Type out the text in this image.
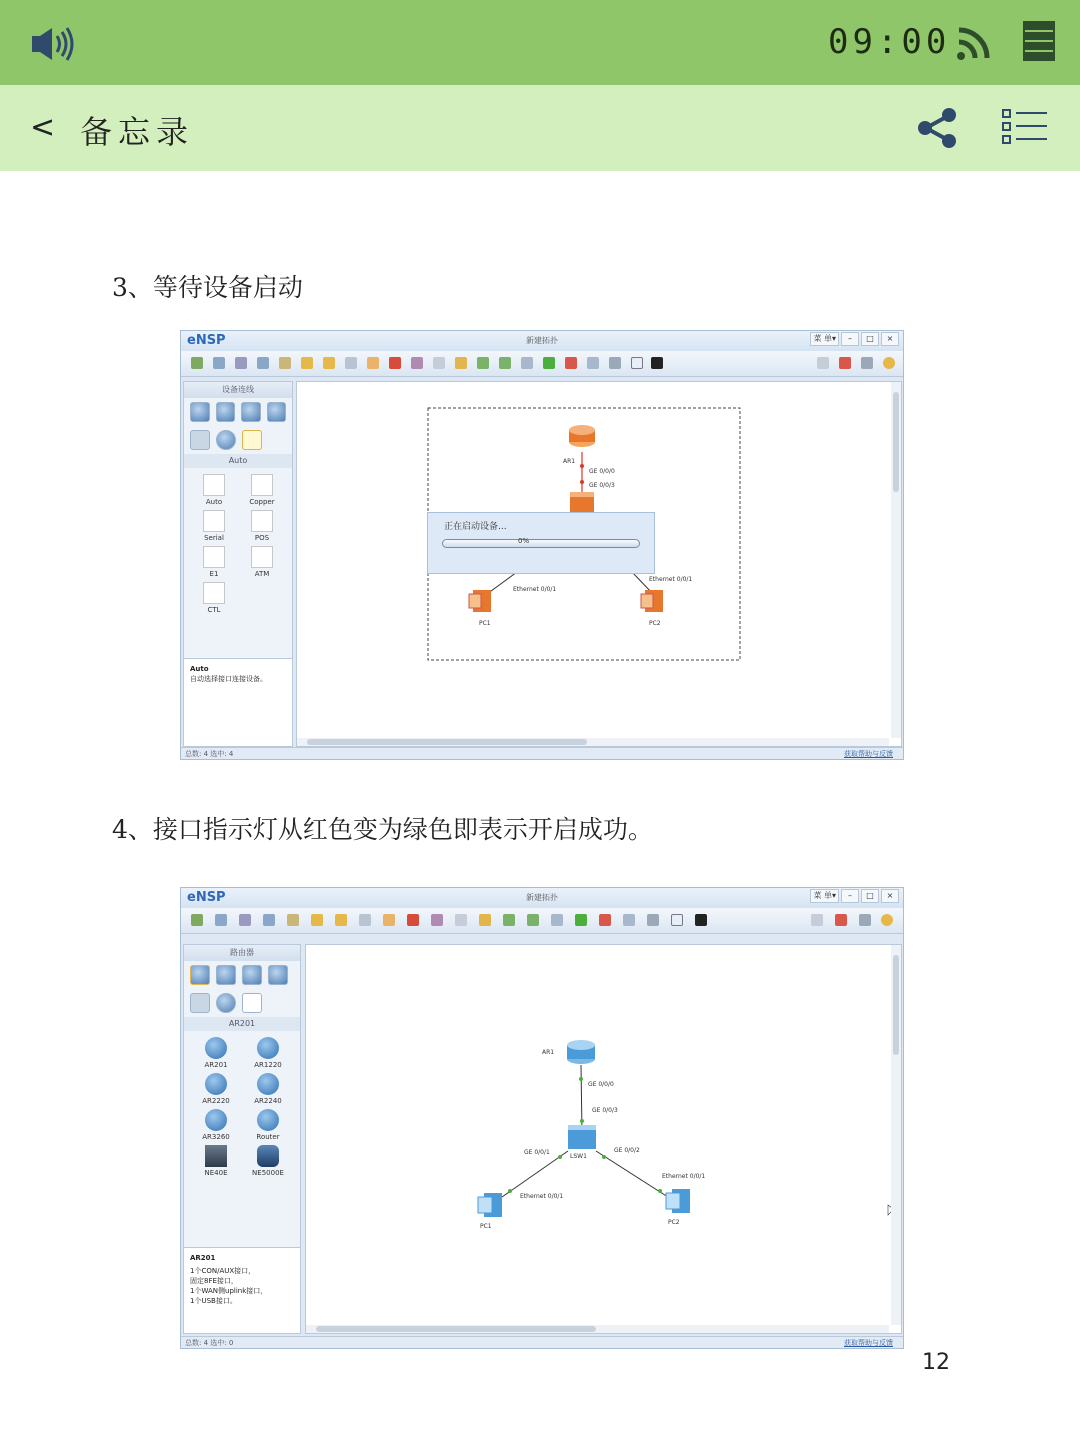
09:00
< 备忘录
3、等待设备启动
eNSP	新建拓扑	菜 单▾	–	□	×
设备连线
Auto
Auto	Copper
Serial	POS
E1	ATM
CTL
Auto
自动选择接口连接设备。
AR1
GE 0/0/0
GE 0/0/3
Ethernet 0/0/1
Ethernet 0/0/1
PC1	PC2
正在启动设备...
0%
总数: 4 选中: 4	获取帮助与反馈
4、接口指示灯从红色变为绿色即表示开启成功。
eNSP	新建拓扑	菜 单▾	–	□	×
路由器
AR201
AR201	AR1220
AR2220	AR2240
AR3260	Router
NE40E	NE5000E
AR201
1个CON/AUX接口，
固定8FE接口，
1个WAN侧uplink接口，
1个USB接口。
AR1
GE 0/0/0
GE 0/0/3
LSW1
GE 0/0/1	GE 0/0/2
Ethernet 0/0/1
Ethernet 0/0/1
PC1
PC2
总数: 4 选中: 0	获取帮助与反馈
12
